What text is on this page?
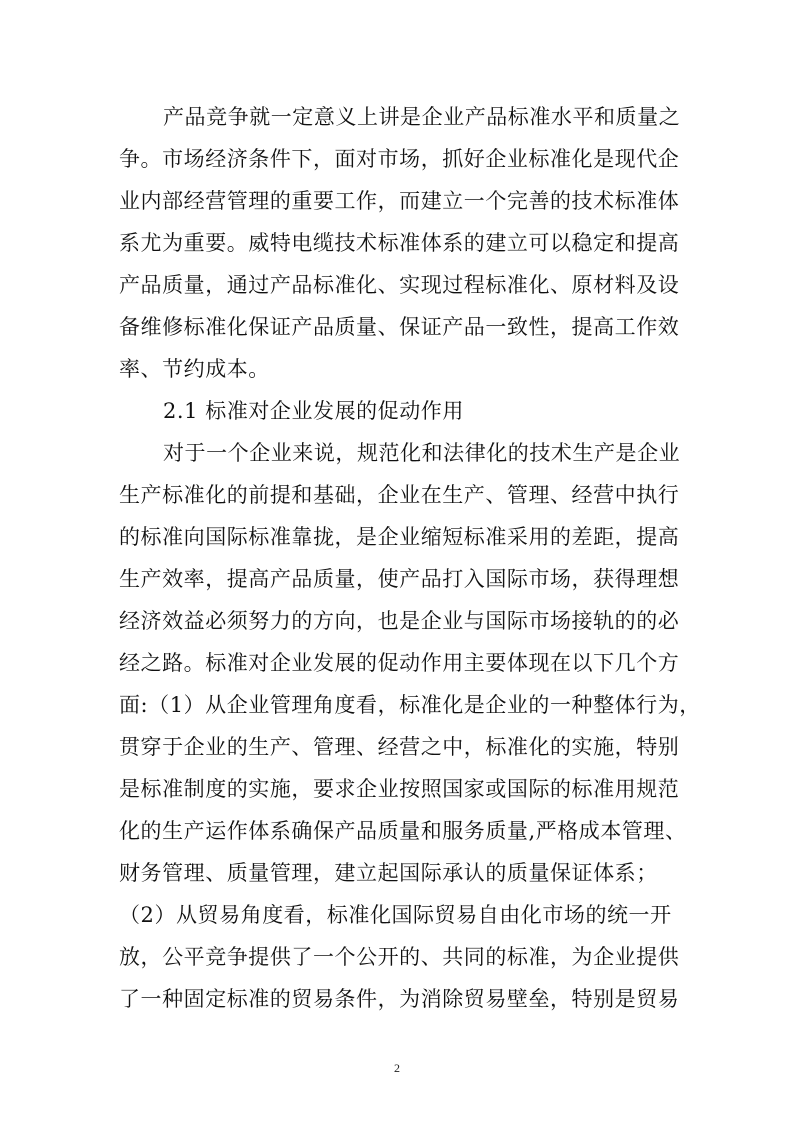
产品竞争就一定意义上讲是企业产品标准水平和质量之
争。市场经济条件下，面对市场，抓好企业标准化是现代企
业内部经营管理的重要工作，而建立一个完善的技术标准体
系尤为重要。威特电缆技术标准体系的建立可以稳定和提高
产品质量，通过产品标准化、实现过程标准化、原材料及设
备维修标准化保证产品质量、保证产品一致性，提高工作效
率、节约成本。
2.1 标准对企业发展的促动作用
对于一个企业来说，规范化和法律化的技术生产是企业
生产标准化的前提和基础，企业在生产、管理、经营中执行
的标准向国际标准靠拢，是企业缩短标准采用的差距，提高
生产效率，提高产品质量，使产品打入国际市场，获得理想
经济效益必须努力的方向，也是企业与国际市场接轨的的必
经之路。标准对企业发展的促动作用主要体现在以下几个方
面:（1）从企业管理角度看，标准化是企业的一种整体行为，
贯穿于企业的生产、管理、经营之中，标准化的实施，特别
是标准制度的实施，要求企业按照国家或国际的标准用规范
化的生产运作体系确保产品质量和服务质量,严格成本管理、
财务管理、质量管理，建立起国际承认的质量保证体系；
（2）从贸易角度看，标准化国际贸易自由化市场的统一开
放，公平竞争提供了一个公开的、共同的标准，为企业提供
了一种固定标准的贸易条件，为消除贸易壁垒，特别是贸易
2
